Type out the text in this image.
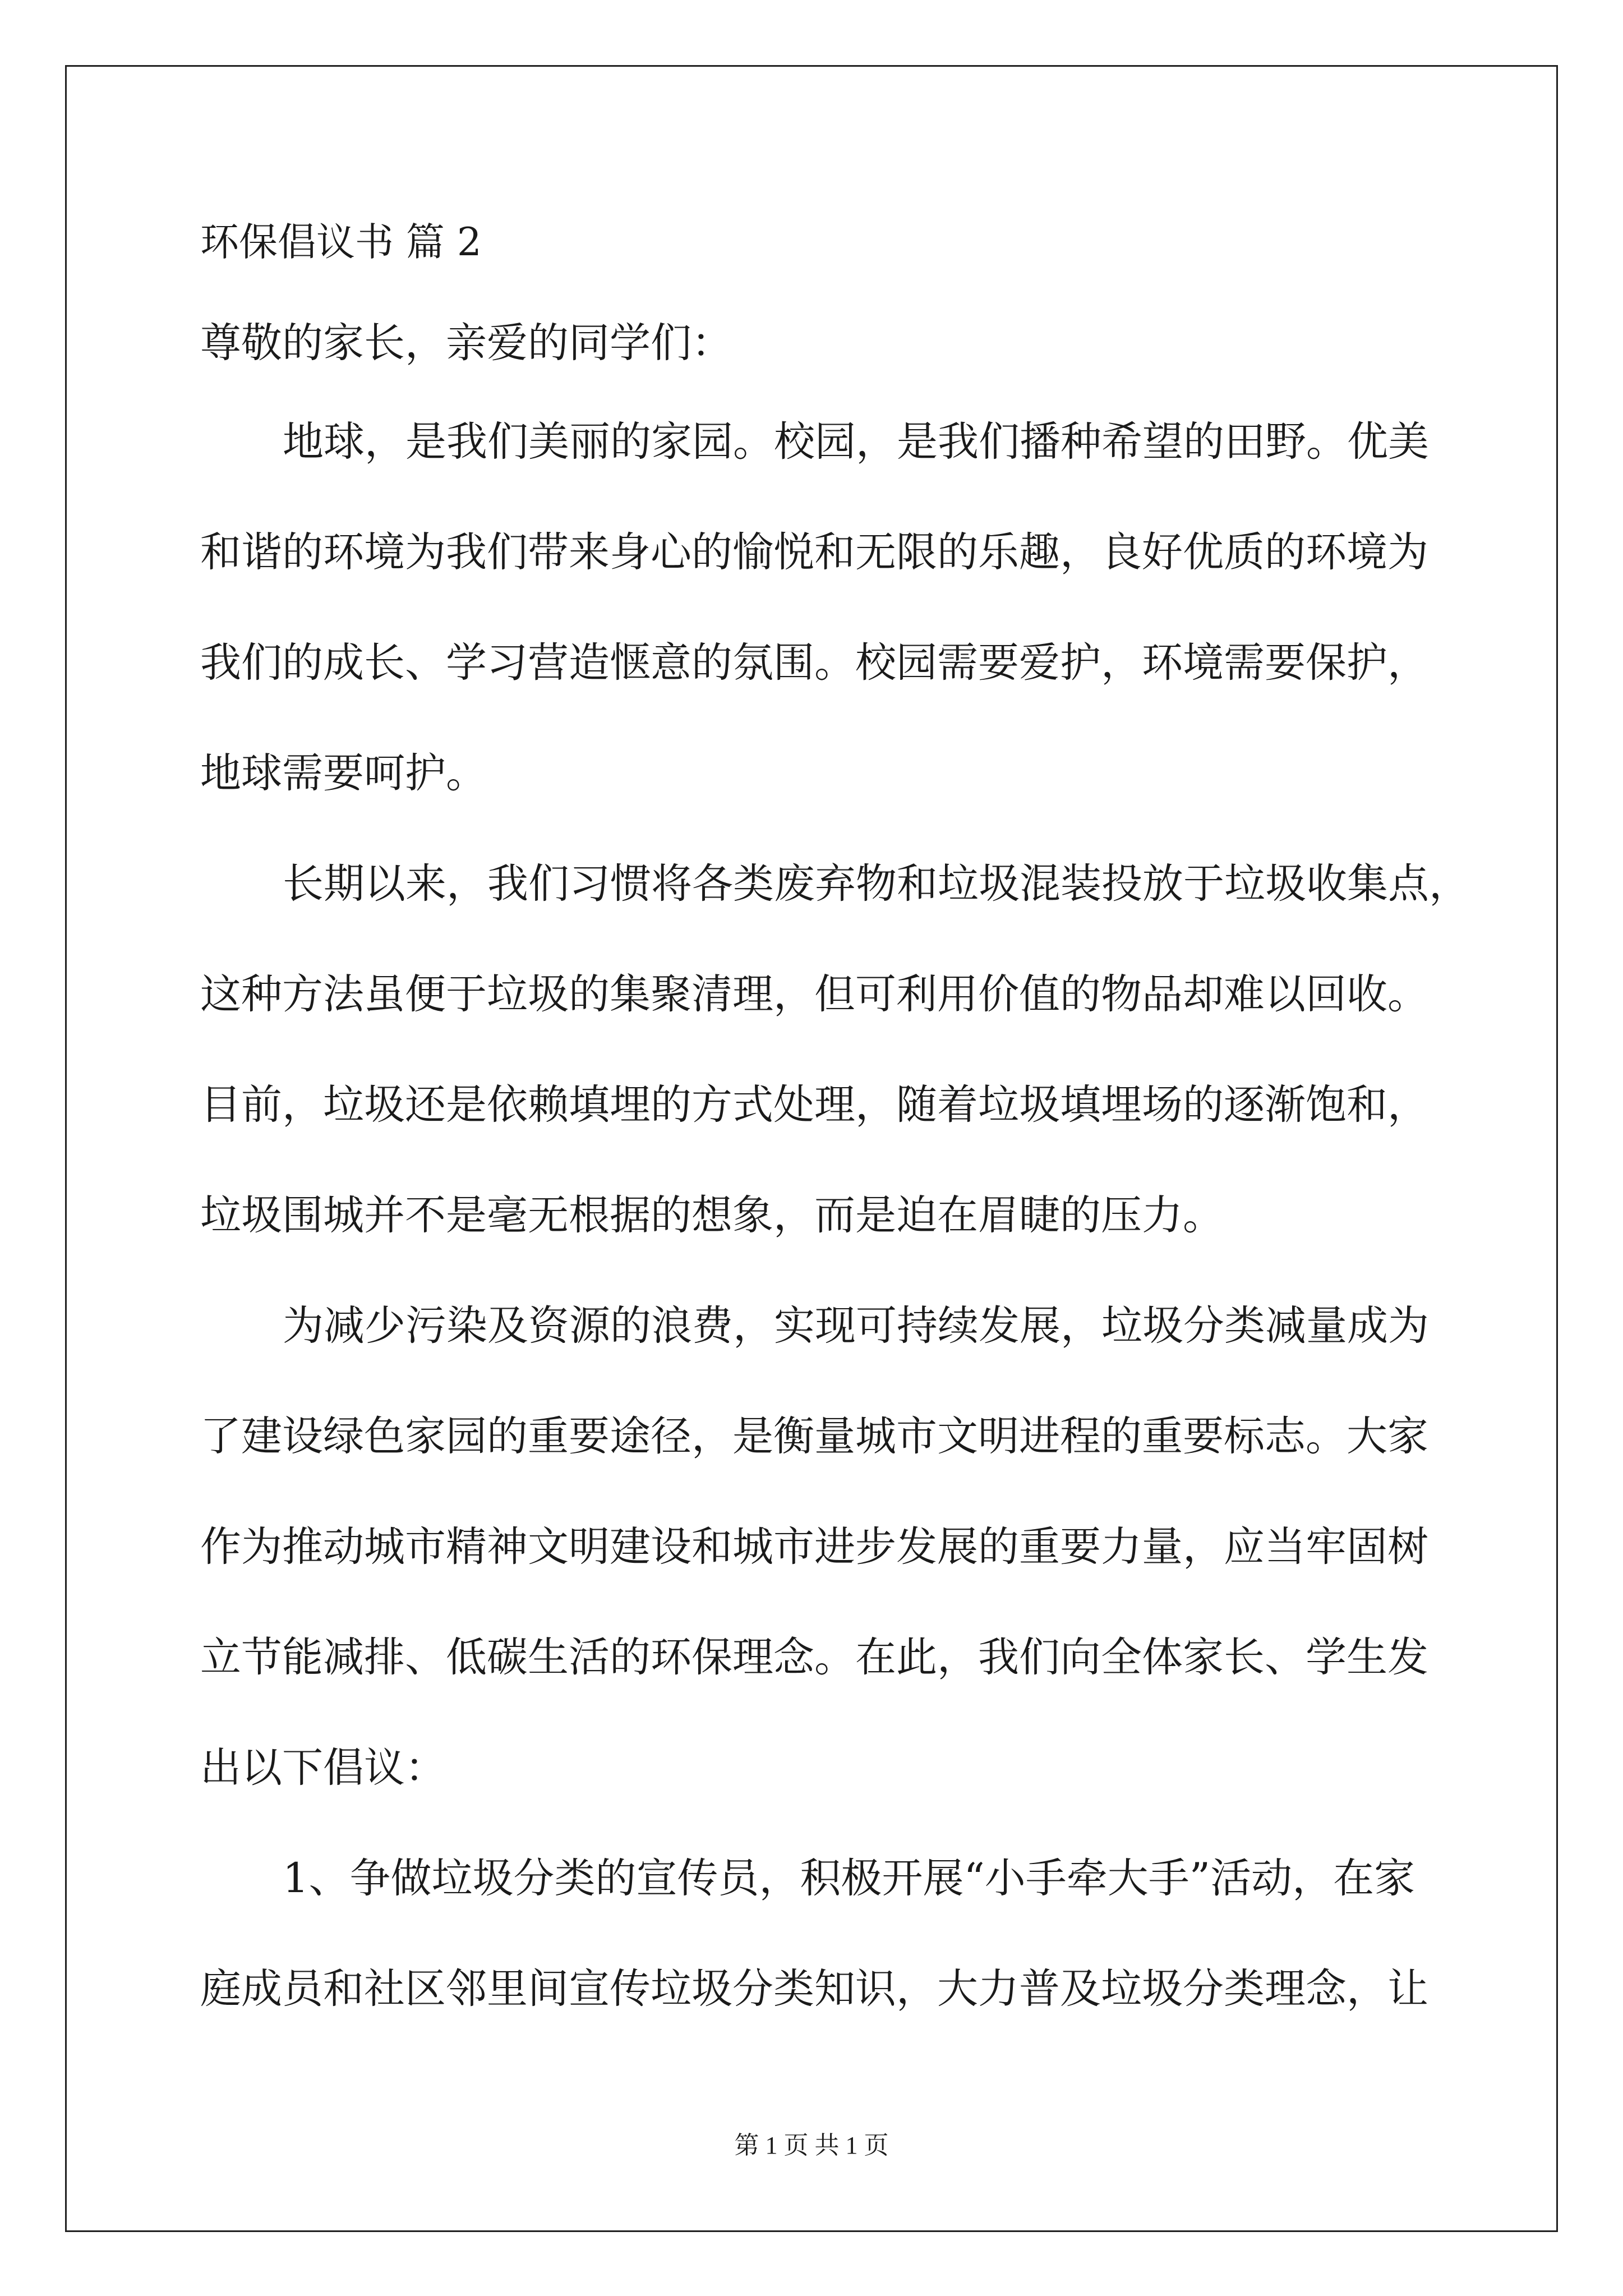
环保倡议书 篇 2
尊敬的家长，亲爱的同学们：
地球，是我们美丽的家园。校园，是我们播种希望的田野。优美
和谐的环境为我们带来身心的愉悦和无限的乐趣，良好优质的环境为
我们的成长、学习营造惬意的氛围。校园需要爱护，环境需要保护，
地球需要呵护。
长期以来，我们习惯将各类废弃物和垃圾混装投放于垃圾收集点，
这种方法虽便于垃圾的集聚清理，但可利用价值的物品却难以回收。
目前，垃圾还是依赖填埋的方式处理，随着垃圾填埋场的逐渐饱和，
垃圾围城并不是毫无根据的想象，而是迫在眉睫的压力。
为减少污染及资源的浪费，实现可持续发展，垃圾分类减量成为
了建设绿色家园的重要途径，是衡量城市文明进程的重要标志。大家
作为推动城市精神文明建设和城市进步发展的重要力量，应当牢固树
立节能减排、低碳生活的环保理念。在此，我们向全体家长、学生发
出以下倡议：
1、争做垃圾分类的宣传员，积极开展“小手牵大手”活动，在家
庭成员和社区邻里间宣传垃圾分类知识，大力普及垃圾分类理念，让
第 1 页 共 1 页
